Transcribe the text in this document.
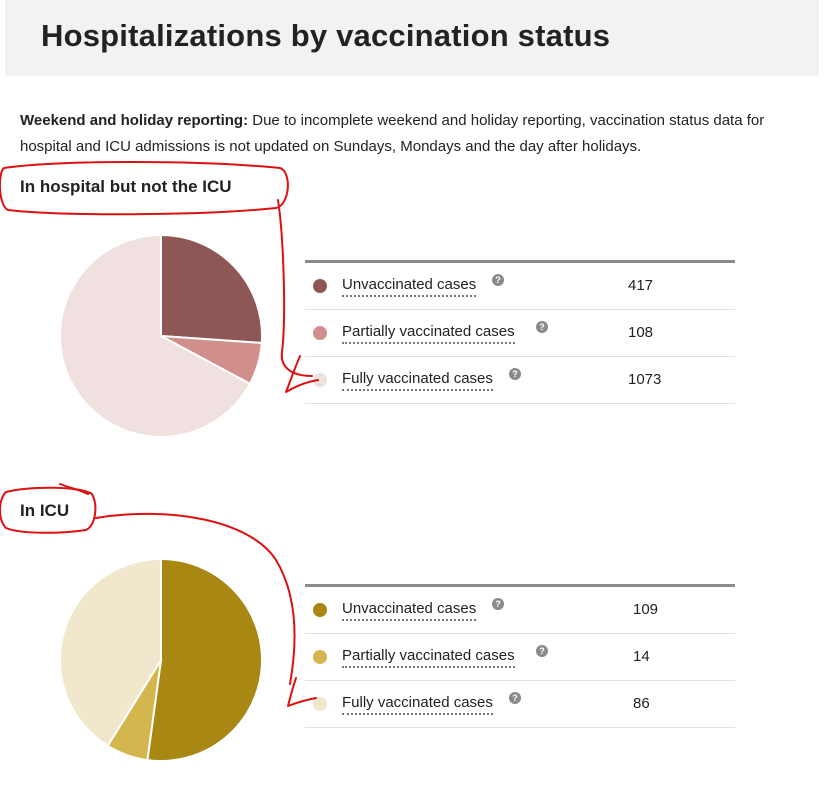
Hospitalizations by vaccination status
Weekend and holiday reporting: Due to incomplete weekend and holiday reporting, vaccination status data for hospital and ICU admissions is not updated on Sundays, Mondays and the day after holidays.
In hospital but not the ICU
Unvaccinated cases	?	417
Partially vaccinated cases	?	108
Fully vaccinated cases	?	1073
In ICU
Unvaccinated cases	?	109
Partially vaccinated cases	?	14
Fully vaccinated cases	?	86
